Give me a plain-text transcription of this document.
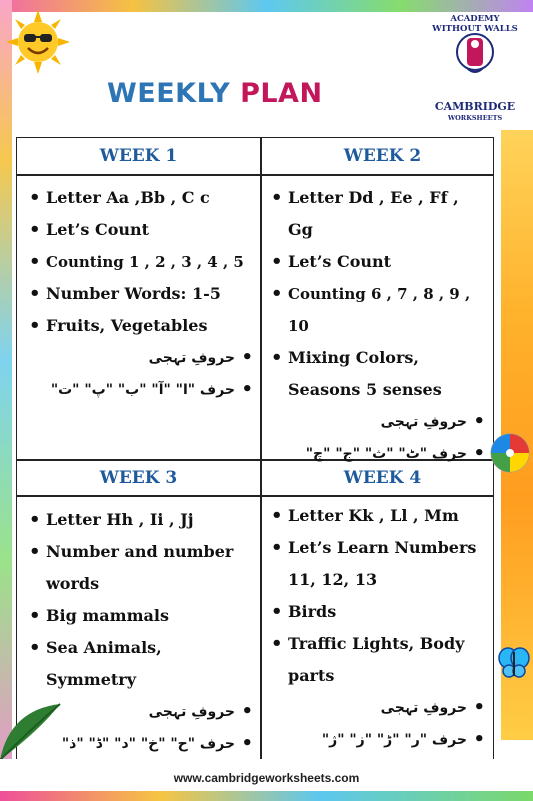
ACADEMY WITHOUT WALLS
CAMBRIDGE
WORKSHEETS
WEEKLY PLAN
WEEK 1
• Letter Aa ,Bb , C c
• Let’s Count
• Counting 1 , 2 , 3 , 4 , 5
• Number Words: 1-5
• Fruits, Vegetables
•
حروفِ تہجی
•
حرف "ا" "آ" "ب" "پ" "ت"
WEEK 2
• Letter Dd , Ee , Ff , Gg
• Let’s Count
• Counting 6 , 7 , 8 , 9 , 10
• Mixing Colors, Seasons 5 senses
•
حروفِ تہجی
•
حرف "ٹ" "ث" "ج" "چ"
WEEK 3
• Letter Hh , Ii , Jj
• Number and number words
• Big mammals
• Sea Animals, Symmetry
•
حروفِ تہجی
•
حرف "ح" "خ" "د" "ڈ" "ذ"
WEEK 4
• Letter Kk , Ll , Mm
• Let’s Learn Numbers 11, 12, 13
• Birds
• Traffic Lights, Body parts
•
حروفِ تہجی
•
حرف "ر" "ڑ" "ز" "ژ"
www.cambridgeworksheets.com
